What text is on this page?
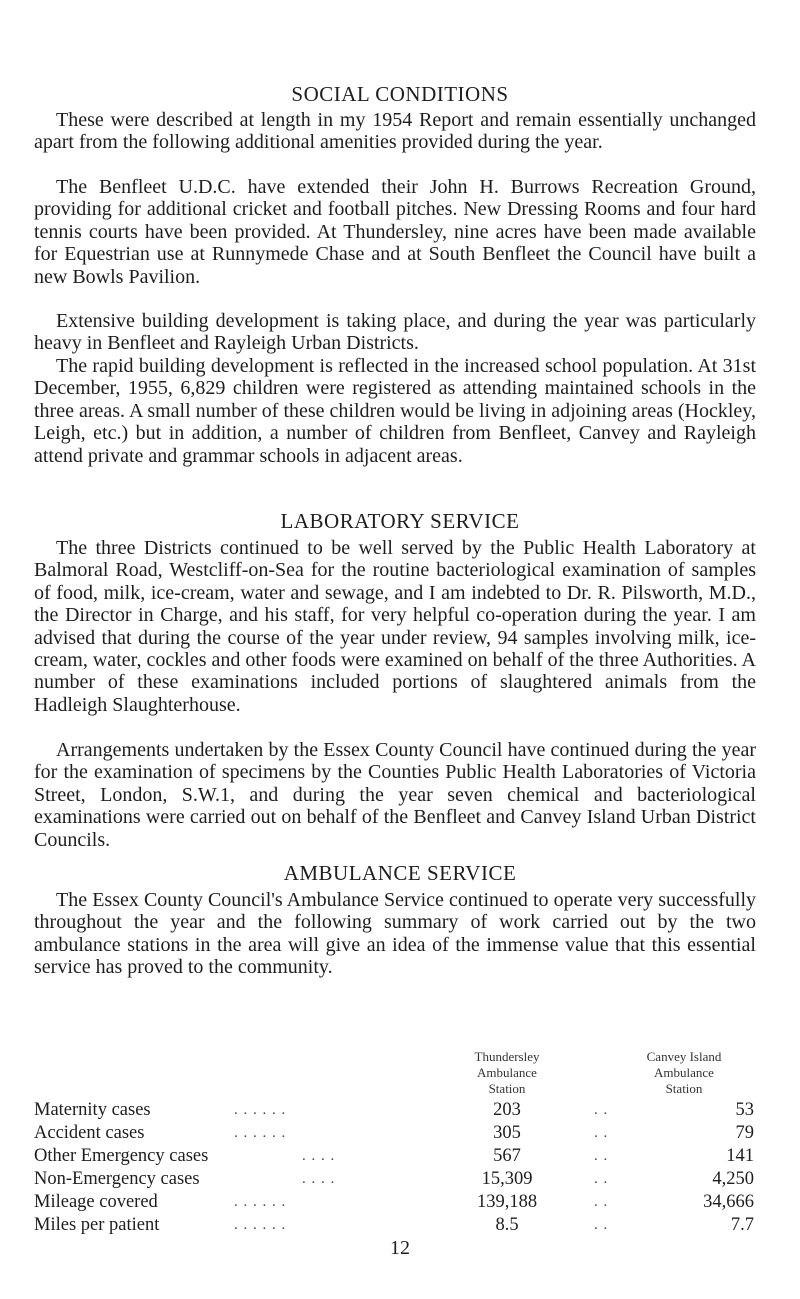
SOCIAL CONDITIONS

These were described at length in my 1954 Report and remain essentially unchanged apart from the following additional amenities provided during the year.

The Benfleet U.D.C. have extended their John H. Burrows Recreation Ground, providing for additional cricket and football pitches. New Dressing Rooms and four hard tennis courts have been provided. At Thundersley, nine acres have been made available for Equestrian use at Runnymede Chase and at South Benfleet the Council have built a new Bowls Pavilion.

Extensive building development is taking place, and during the year was particularly heavy in Benfleet and Rayleigh Urban Districts.

The rapid building development is reflected in the increased school population. At 31st December, 1955, 6,829 children were registered as attending maintained schools in the three areas. A small number of these children would be living in adjoining areas (Hockley, Leigh, etc.) but in addition, a number of children from Benfleet, Canvey and Rayleigh attend private and grammar schools in adjacent areas.

LABORATORY SERVICE

The three Districts continued to be well served by the Public Health Laboratory at Balmoral Road, Westcliff-on-Sea for the routine bacteriological examination of samples of food, milk, ice-cream, water and sewage, and I am indebted to Dr. R. Pilsworth, M.D., the Director in Charge, and his staff, for very helpful co-operation during the year. I am advised that during the course of the year under review, 94 samples involving milk, ice-cream, water, cockles and other foods were examined on behalf of the three Authorities. A number of these examinations included portions of slaughtered animals from the Hadleigh Slaughterhouse.

Arrangements undertaken by the Essex County Council have continued during the year for the examination of specimens by the Counties Public Health Laboratories of Victoria Street, London, S.W.1, and during the year seven chemical and bacteriological examinations were carried out on behalf of the Benfleet and Canvey Island Urban District Councils.

AMBULANCE SERVICE

The Essex County Council's Ambulance Service continued to operate very successfully throughout the year and the following summary of work carried out by the two ambulance stations in the area will give an idea of the immense value that this essential service has proved to the community.

Thundersley
Ambulance
Station
Canvey Island
Ambulance
Station
Maternity cases	. . . . . .	203	. .	53
Accident cases	. . . . . .	305	. .	79
Other Emergency cases	. . . .	567	. .	141
Non-Emergency cases	. . . .	15,309	. .	4,250
Mileage covered	. . . . . .	139,188	. .	34,666
Miles per patient	. . . . . .	8.5	. .	7.7
12
